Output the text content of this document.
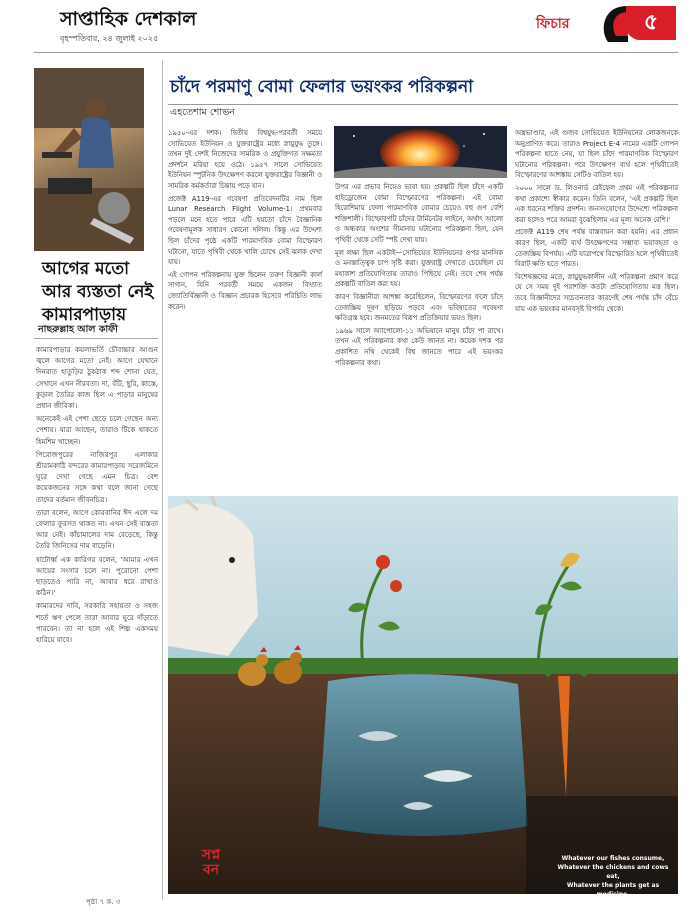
সাপ্তাহিক দেশকাল
বৃহস্পতিবার, ২৪ জুলাই ২০২৫
ফিচার	৫
আগের মতো
আর ব্যস্ততা নেই
কামারপাড়ায়
নাছরুল্লাহ আল কাফী

কামারপাড়ার কয়লাভর্তি চৌবাচ্চার আগুন জ্বলে আগের মতো নেই। আগে যেখানে দিনরাত হাতুড়ির ঠুকঠাক শব্দ শোনা যেত, সেখানে এখন নীরবতা। দা, বঁটি, ছুরি, কাস্তে, কুড়াল তৈরির কাজ ছিল এ পাড়ার মানুষের প্রধান জীবিকা।

অনেকেই এই পেশা ছেড়ে চলে গেছেন অন্য পেশায়। যারা আছেন, তারাও টিকে থাকতে হিমশিম খাচ্ছেন।

পিরোজপুরের নাজিরপুর এলাকার শ্রীরামকাঠি বন্দরের কামারপাড়ায় সরেজমিনে ঘুরে দেখা গেছে এমন চিত্র। বেশ কয়েকজনের সঙ্গে কথা বলে জানা গেছে তাদের বর্তমান জীবনচিত্র।

তারা বলেন, আগে কোরবানির ঈদ এলে দম ফেলার ফুরসত থাকত না। এখন সেই ব্যস্ততা আর নেই। কাঁচামালের দাম বেড়েছে, কিন্তু তৈরি জিনিসের দাম বাড়েনি।

ষাটোর্ধ্ব এক কারিগর বলেন, 'আমার এখন আয়ের সংসার চলে না। পুরোনো পেশা ছাড়তেও পারি না, আবার ধরে রাখাও কঠিন।'

কামারদের দাবি, সরকারি সহায়তা ও সহজ শর্তে ঋণ পেলে তারা আবার ঘুরে দাঁড়াতে পারবেন। তা না হলে এই শিল্প একসময় হারিয়ে যাবে।

পৃষ্ঠা ৭ ক. ৩
চাঁদে পরমাণু বোমা ফেলার ভয়ংকর পরিকল্পনা
এহতেশাম শোভন

১৯৫০-এর দশক। দ্বিতীয় বিশ্বযুদ্ধ-পরবর্তী সময়ে সোভিয়েত ইউনিয়ন ও যুক্তরাষ্ট্রের মধ্যে স্নায়ুযুদ্ধ তুঙ্গে। তখন দুই দেশই নিজেদের সামরিক ও প্রযুক্তিগত সক্ষমতা প্রদর্শনে মরিয়া হয়ে ওঠে। ১৯৫৭ সালে সোভিয়েত ইউনিয়ন স্পুটনিক উৎক্ষেপণ করলে যুক্তরাষ্ট্রের বিজ্ঞানী ও সামরিক কর্মকর্তারা চিন্তায় পড়ে যান।

প্রজেক্ট A119-এর গবেষণা প্রতিবেদনটির নাম ছিল Lunar Research Flight Volume-1। প্রথমবার পড়লে মনে হতে পারে এটি হয়তো চাঁদে বৈজ্ঞানিক গবেষণামূলক সাধারণ কোনো দলিল। কিন্তু এর উদ্দেশ্য ছিল চাঁদের পৃষ্ঠে একটি পারমাণবিক বোমা বিস্ফোরণ ঘটানো, যাতে পৃথিবী থেকে খালি চোখে সেই ঝলক দেখা যায়।

এই গোপন পরিকল্পনায় যুক্ত ছিলেন তরুণ বিজ্ঞানী কার্ল সাগান, যিনি পরবর্তী সময়ে একজন বিখ্যাত জ্যোতির্বিজ্ঞানী ও বিজ্ঞান প্রচারক হিসেবে পরিচিতি লাভ করেন।

উপর এর প্রভাব নিয়েও ভাবা হয়। প্রকল্পটি ছিল চাঁদে একটি হাইড্রোজেন বোমা বিস্ফোরণের পরিকল্পনা। এই বোমা হিরোশিমায় ফেলা পারমাণবিক বোমার চেয়েও বহু গুণ বেশি শক্তিশালী। বিস্ফোরণটি চাঁদের টার্মিনেটর লাইনে, অর্থাৎ আলো ও অন্ধকার অংশের সীমানায় ঘটানোর পরিকল্পনা ছিল, যেন পৃথিবী থেকে সেটি স্পষ্ট দেখা যায়।

মূল লক্ষ্য ছিল একটাই—সোভিয়েত ইউনিয়নের ওপর মানসিক ও মনস্তাত্ত্বিক চাপ সৃষ্টি করা। যুক্তরাষ্ট্র দেখাতে চেয়েছিল যে মহাকাশ প্রতিযোগিতায় তারাও পিছিয়ে নেই। তবে শেষ পর্যন্ত প্রকল্পটি বাতিল করা হয়।

কারণ বিজ্ঞানীরা আশঙ্কা করেছিলেন, বিস্ফোরণের ফলে চাঁদে তেজস্ক্রিয় দূষণ ছড়িয়ে পড়বে এবং ভবিষ্যতের গবেষণা ক্ষতিগ্রস্ত হবে। জনমতের বিরূপ প্রতিক্রিয়ার ভয়ও ছিল।

১৯৬৯ সালে অ্যাপোলো-১১ অভিযানে মানুষ চাঁদে পা রাখে। তখন এই পরিকল্পনার কথা কেউ জানত না। কয়েক দশক পর প্রকাশিত নথি থেকেই বিশ্ব জানতে পারে এই ভয়ংকর পরিকল্পনার কথা।

অস্ত্রভাণ্ডার, এই গুজব সোভিয়েত ইউনিয়নের লোকজনকে অনুপ্রাণিত করে। তারাও Project E-4 নামের একটি গোপন পরিকল্পনা হাতে নেয়, যা ছিল চাঁদে পারমাণবিক বিস্ফোরণ ঘটানোর পরিকল্পনা। পরে উৎক্ষেপণ ব্যর্থ হলে পৃথিবীতেই বিস্ফোরণের আশঙ্কায় সেটিও বাতিল হয়।

২০০০ সালে ড. লিওনার্ড রেইফেল প্রথম এই পরিকল্পনার কথা প্রকাশ্যে স্বীকার করেন। তিনি বলেন, 'এই প্রকল্পটি ছিল এক ধরনের শক্তির প্রদর্শন। জনসংযোগের উদ্দেশ্যে পরিকল্পনা করা হলেও পরে আমরা বুঝেছিলাম এর মূল্য অনেক বেশি।'

প্রজেক্ট A119 শেষ পর্যন্ত বাস্তবায়ন করা হয়নি। এর প্রধান কারণ ছিল, একটি ব্যর্থ উৎক্ষেপণের সম্ভাব্য ভয়াবহতা ও তেজস্ক্রিয় বিপর্যয়। এটি যাত্রাপথে বিস্ফোরিত হলে পৃথিবীতেই বিরাট ক্ষতি হতে পারত।

বিশেষজ্ঞদের মতে, স্নায়ুযুদ্ধকালীন এই পরিকল্পনা প্রমাণ করে যে সে সময় দুই পরাশক্তি কতটা প্রতিযোগিতায় মত্ত ছিল। তবে বিজ্ঞানীদের সচেতনতার কারণেই শেষ পর্যন্ত চাঁদ বেঁচে যায় এক ভয়ংকর মানবসৃষ্ট বিপর্যয় থেকে।

সপ্ন
বন
Whatever our fishes consume,
Whatever the chickens and cows eat,
Whatever the plants get as medicine,
So matters the food you take for treat.
